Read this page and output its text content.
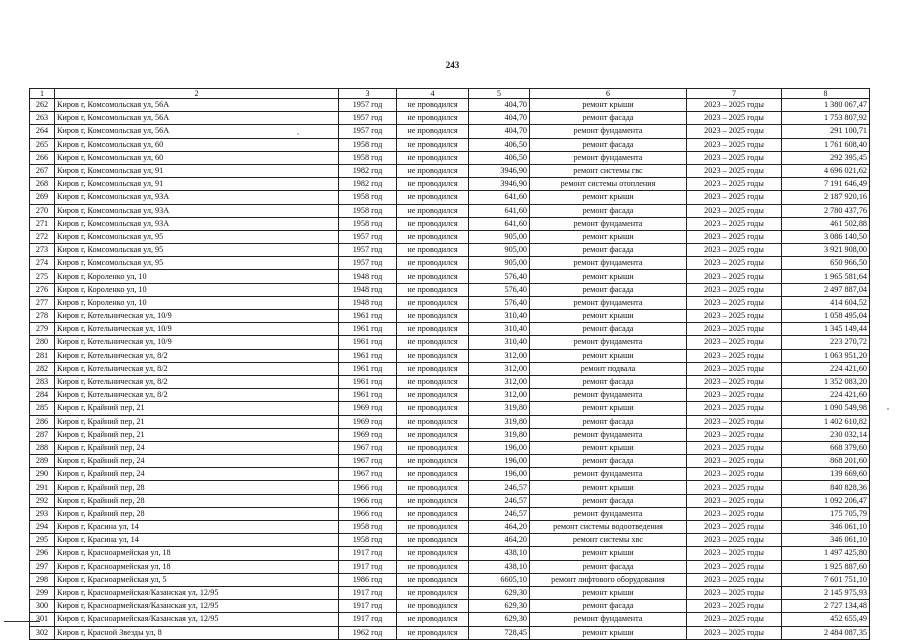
243
1	2	3	4	5	6	7	8
262	Киров г, Комсомольская ул, 56А	1957 год	не проводился	404,70	ремонт крыши	2023 – 2025 годы	1 380 067,47
263	Киров г, Комсомольская ул, 56А	1957 год	не проводился	404,70	ремонт фасада	2023 – 2025 годы	1 753 807,92
264	Киров г, Комсомольская ул, 56А	1957 год	не проводился	404,70	ремонт фундамента	2023 – 2025 годы	291 100,71
265	Киров г, Комсомольская ул, 60	1958 год	не проводился	406,50	ремонт фасада	2023 – 2025 годы	1 761 608,40
266	Киров г, Комсомольская ул, 60	1958 год	не проводился	406,50	ремонт фундамента	2023 – 2025 годы	292 395,45
267	Киров г, Комсомольская ул, 91	1982 год	не проводился	3946,90	ремонт системы гвс	2023 – 2025 годы	4 696 021,62
268	Киров г, Комсомольская ул, 91	1982 год	не проводился	3946,90	ремонт системы отопления	2023 – 2025 годы	7 191 646,49
269	Киров г, Комсомольская ул, 93А	1958 год	не проводился	641,60	ремонт крыши	2023 – 2025 годы	2 187 920,16
270	Киров г, Комсомольская ул, 93А	1958 год	не проводился	641,60	ремонт фасада	2023 – 2025 годы	2 780 437,76
271	Киров г, Комсомольская ул, 93А	1958 год	не проводился	641,60	ремонт фундамента	2023 – 2025 годы	461 502,88
272	Киров г, Комсомольская ул, 95	1957 год	не проводился	905,00	ремонт крыши	2023 – 2025 годы	3 086 140,50
273	Киров г, Комсомольская ул, 95	1957 год	не проводился	905,00	ремонт фасада	2023 – 2025 годы	3 921 908,00
274	Киров г, Комсомольская ул, 95	1957 год	не проводился	905,00	ремонт фундамента	2023 – 2025 годы	650 966,50
275	Киров г, Короленко ул, 10	1948 год	не проводился	576,40	ремонт крыши	2023 – 2025 годы	1 965 581,64
276	Киров г, Короленко ул, 10	1948 год	не проводился	576,40	ремонт фасада	2023 – 2025 годы	2 497 887,04
277	Киров г, Короленко ул, 10	1948 год	не проводился	576,40	ремонт фундамента	2023 – 2025 годы	414 604,52
278	Киров г, Котельническая ул, 10/9	1961 год	не проводился	310,40	ремонт крыши	2023 – 2025 годы	1 058 495,04
279	Киров г, Котельническая ул, 10/9	1961 год	не проводился	310,40	ремонт фасада	2023 – 2025 годы	1 345 149,44
280	Киров г, Котельническая ул, 10/9	1961 год	не проводился	310,40	ремонт фундамента	2023 – 2025 годы	223 270,72
281	Киров г, Котельническая ул, 8/2	1961 год	не проводился	312,00	ремонт крыши	2023 – 2025 годы	1 063 951,20
282	Киров г, Котельническая ул, 8/2	1961 год	не проводился	312,00	ремонт подвала	2023 – 2025 годы	224 421,60
283	Киров г, Котельническая ул, 8/2	1961 год	не проводился	312,00	ремонт фасада	2023 – 2025 годы	1 352 083,20
284	Киров г, Котельническая ул, 8/2	1961 год	не проводился	312,00	ремонт фундамента	2023 – 2025 годы	224 421,60
285	Киров г, Крайний пер, 21	1969 год	не проводился	319,80	ремонт крыши	2023 – 2025 годы	1 090 549,98
286	Киров г, Крайний пер, 21	1969 год	не проводился	319,80	ремонт фасада	2023 – 2025 годы	1 402 610,82
287	Киров г, Крайний пер, 21	1969 год	не проводился	319,80	ремонт фундамента	2023 – 2025 годы	230 032,14
288	Киров г, Крайний пер, 24	1967 год	не проводился	196,00	ремонт крыши	2023 – 2025 годы	668 379,60
289	Киров г, Крайний пер, 24	1967 год	не проводился	196,00	ремонт фасада	2023 – 2025 годы	868 201,60
290	Киров г, Крайний пер, 24	1967 год	не проводился	196,00	ремонт фундамента	2023 – 2025 годы	139 669,60
291	Киров г, Крайний пер, 28	1966 год	не проводился	246,57	ремонт крыши	2023 – 2025 годы	840 828,36
292	Киров г, Крайний пер, 28	1966 год	не проводился	246,57	ремонт фасада	2023 – 2025 годы	1 092 206,47
293	Киров г, Крайний пер, 28	1966 год	не проводился	246,57	ремонт фундамента	2023 – 2025 годы	175 705,79
294	Киров г, Красина ул, 14	1958 год	не проводился	464,20	ремонт системы водоотведения	2023 – 2025 годы	346 061,10
295	Киров г, Красина ул, 14	1958 год	не проводился	464,20	ремонт системы хвс	2023 – 2025 годы	346 061,10
296	Киров г, Красноармейская ул, 18	1917 год	не проводился	438,10	ремонт крыши	2023 – 2025 годы	1 497 425,80
297	Киров г, Красноармейская ул, 18	1917 год	не проводился	438,10	ремонт фасада	2023 – 2025 годы	1 925 887,60
298	Киров г, Красноармейская ул, 5	1986 год	не проводился	6605,10	ремонт лифтового оборудования	2023 – 2025 годы	7 601 751,10
299	Киров г, Красноармейская/Казанская ул, 12/95	1917 год	не проводился	629,30	ремонт крыши	2023 – 2025 годы	2 145 975,93
300	Киров г, Красноармейская/Казанская ул, 12/95	1917 год	не проводился	629,30	ремонт фасада	2023 – 2025 годы	2 727 134,48
301	Киров г, Красноармейская/Казанская ул, 12/95	1917 год	не проводился	629,30	ремонт фундамента	2023 – 2025 годы	452 655,49
302	Киров г, Красной Звезды ул, 8	1962 год	не проводился	728,45	ремонт крыши	2023 – 2025 годы	2 484 087,35
